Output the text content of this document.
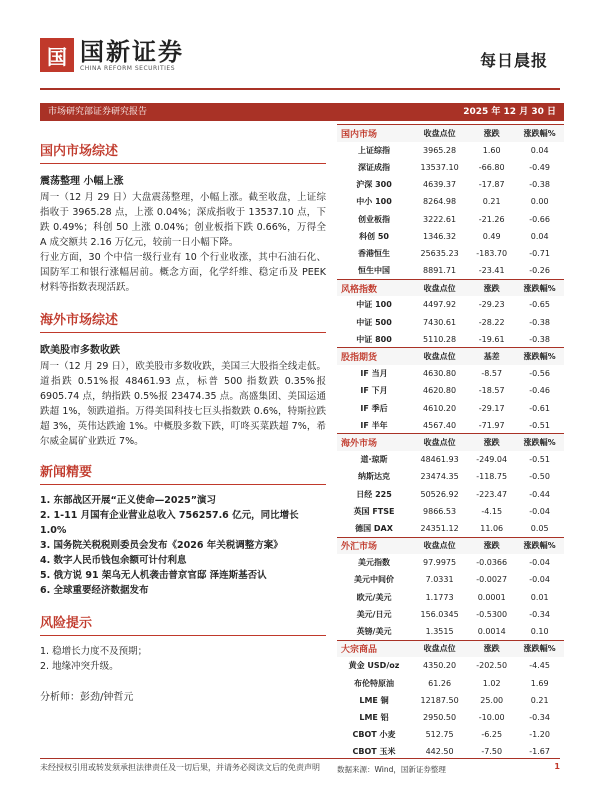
国 国新证券
CHINA REFORM SECURITIES	每日晨报
市场研究部证券研究报告	2025 年 12 月 30 日
国内市场综述
震荡整理 小幅上涨

周一（12 月 29 日）大盘震荡整理，小幅上涨。截至收盘，上证综指收于 3965.28 点，上涨 0.04%；深成指收于 13537.10 点，下跌 0.49%；科创 50 上涨 0.04%；创业板指下跌 0.66%，万得全 A 成交额共 2.16 万亿元，较前一日小幅下降。

行业方面，30 个中信一级行业有 10 个行业收涨，其中石油石化、国防军工和银行涨幅居前。概念方面，化学纤维、稳定币及 PEEK 材料等指数表现活跃。

海外市场综述
欧美股市多数收跌

周一（12 月 29 日），欧美股市多数收跌，美国三大股指全线走低。道指跌 0.51%报 48461.93 点，标普 500 指数跌 0.35%报 6905.74 点，纳指跌 0.5%报 23474.35 点。高盛集团、美国运通跌超 1%，领跌道指。万得美国科技七巨头指数跌 0.6%，特斯拉跌超 3%，英伟达跌逾 1%。中概股多数下跌，叮咚买菜跌超 7%，希尔威金属矿业跌近 7%。

新闻精要
1. 东部战区开展“正义使命—2025”演习
2. 1-11 月国有企业营业总收入 756257.6 亿元，同比增长 1.0%
3. 国务院关税税则委员会发布《2026 年关税调整方案》
4. 数字人民币钱包余额可计付利息
5. 俄方说 91 架乌无人机袭击普京官邸 泽连斯基否认
6. 全球重要经济数据发布
风险提示
1. 稳增长力度不及预期；
2. 地缘冲突升级。
分析师：彭劲/钟哲元
国内市场	收盘点位	涨跌	涨跌幅%
上证综指	3965.28	1.60	0.04
深证成指	13537.10	-66.80	-0.49
沪深 300	4639.37	-17.87	-0.38
中小 100	8264.98	0.21	0.00
创业板指	3222.61	-21.26	-0.66
科创 50	1346.32	0.49	0.04
香港恒生	25635.23	-183.70	-0.71
恒生中国	8891.71	-23.41	-0.26
风格指数	收盘点位	涨跌	涨跌幅%
中证 100	4497.92	-29.23	-0.65
中证 500	7430.61	-28.22	-0.38
中证 800	5110.28	-19.61	-0.38
股指期货	收盘点位	基差	涨跌幅%
IF 当月	4630.80	-8.57	-0.56
IF 下月	4620.80	-18.57	-0.46
IF 季后	4610.20	-29.17	-0.61
IF 半年	4567.40	-71.97	-0.51
海外市场	收盘点位	涨跌	涨跌幅%
道·琼斯	48461.93	-249.04	-0.51
纳斯达克	23474.35	-118.75	-0.50
日经 225	50526.92	-223.47	-0.44
英国 FTSE	9866.53	-4.15	-0.04
德国 DAX	24351.12	11.06	0.05
外汇市场	收盘点位	涨跌	涨跌幅%
美元指数	97.9975	-0.0366	-0.04
美元中间价	7.0331	-0.0027	-0.04
欧元/美元	1.1773	0.0001	0.01
美元/日元	156.0345	-0.5300	-0.34
英镑/美元	1.3515	0.0014	0.10
大宗商品	收盘点位	涨跌	涨跌幅%
黄金 USD/oz	4350.20	-202.50	-4.45
布伦特原油	61.26	1.02	1.69
LME 铜	12187.50	25.00	0.21
LME 铝	2950.50	-10.00	-0.34
CBOT 小麦	512.75	-6.25	-1.20
CBOT 玉米	442.50	-7.50	-1.67
数据来源：Wind，国新证券整理
未经授权引用或转发须承担法律责任及一切后果，并请务必阅读文后的免责声明	1
